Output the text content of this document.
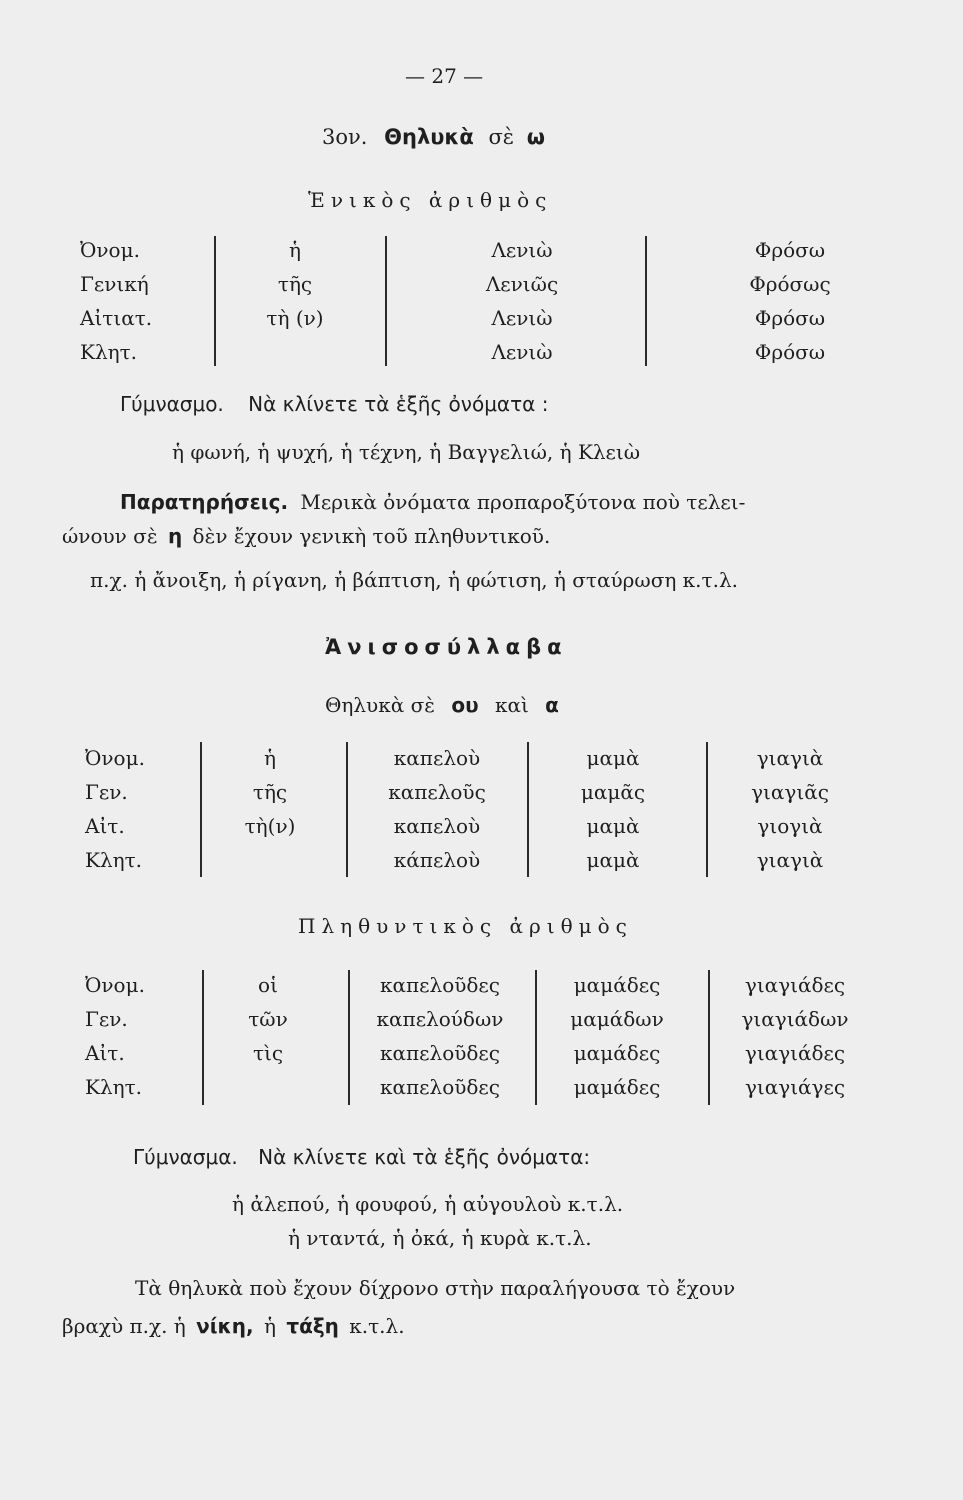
— 27 —
3ον. Θηλυκὰ σὲ ω
Ἑνικὸς ἀριθμὸς
Ὀνομ.
Γενική
Αἰτιατ.
Κλητ.
ἡ
τῆς
τὴ (ν)
Λενιὼ
Λενιῶς
Λενιὼ
Λενιὼ
Φρόσω
Φρόσως
Φρόσω
Φρόσω
Γύμνασμο. Νὰ κλίνετε τὰ ἑξῆς ὀνόματα :
ἡ φωνή, ἡ ψυχή, ἡ τέχνη, ἡ Βαγγελιώ, ἡ Κλειὼ
Παρατηρήσεις. Μερικὰ ὀνόματα προπαροξύτονα ποὺ τελει-
ώνουν σὲ η δὲν ἔχουν γενικὴ τοῦ πληθυντικοῦ.
π.χ. ἡ ἄνοιξη, ἡ ρίγανη, ἡ βάπτιση, ἡ φώτιση, ἡ σταύρωση κ.τ.λ.
Ἀνισοσύλλαβα
Θηλυκὰ σὲ ου καὶ α
Ὀνομ.
Γεν.
Αἰτ.
Κλητ.
ἡ
τῆς
τὴ(ν)
καπελοὺ
καπελοῦς
καπελοὺ
κάπελοὺ
μαμὰ
μαμᾶς
μαμὰ
μαμὰ
γιαγιὰ
γιαγιᾶς
γιογιὰ
γιαγιὰ
Πληθυντικὸς ἀριθμὸς
Ὀνομ.
Γεν.
Αἰτ.
Κλητ.
οἱ
τῶν
τὶς
καπελοῦδες
καπελούδων
καπελοῦδες
καπελοῦδες
μαμάδες
μαμάδων
μαμάδες
μαμάδες
γιαγιάδες
γιαγιάδων
γιαγιάδες
γιαγιάγες
Γύμνασμα. Νὰ κλίνετε καὶ τὰ ἑξῆς ὀνόματα:
ἡ ἀλεπού, ἡ φουφού, ἡ αὐγουλοὺ κ.τ.λ.
ἡ νταντά, ἡ ὀκά, ἡ κυρὰ κ.τ.λ.
Τὰ θηλυκὰ ποὺ ἔχουν δίχρονο στὴν παραλήγουσα τὸ ἔχουν
βραχὺ π.χ. ἡ νίκη, ἡ τάξη κ.τ.λ.
